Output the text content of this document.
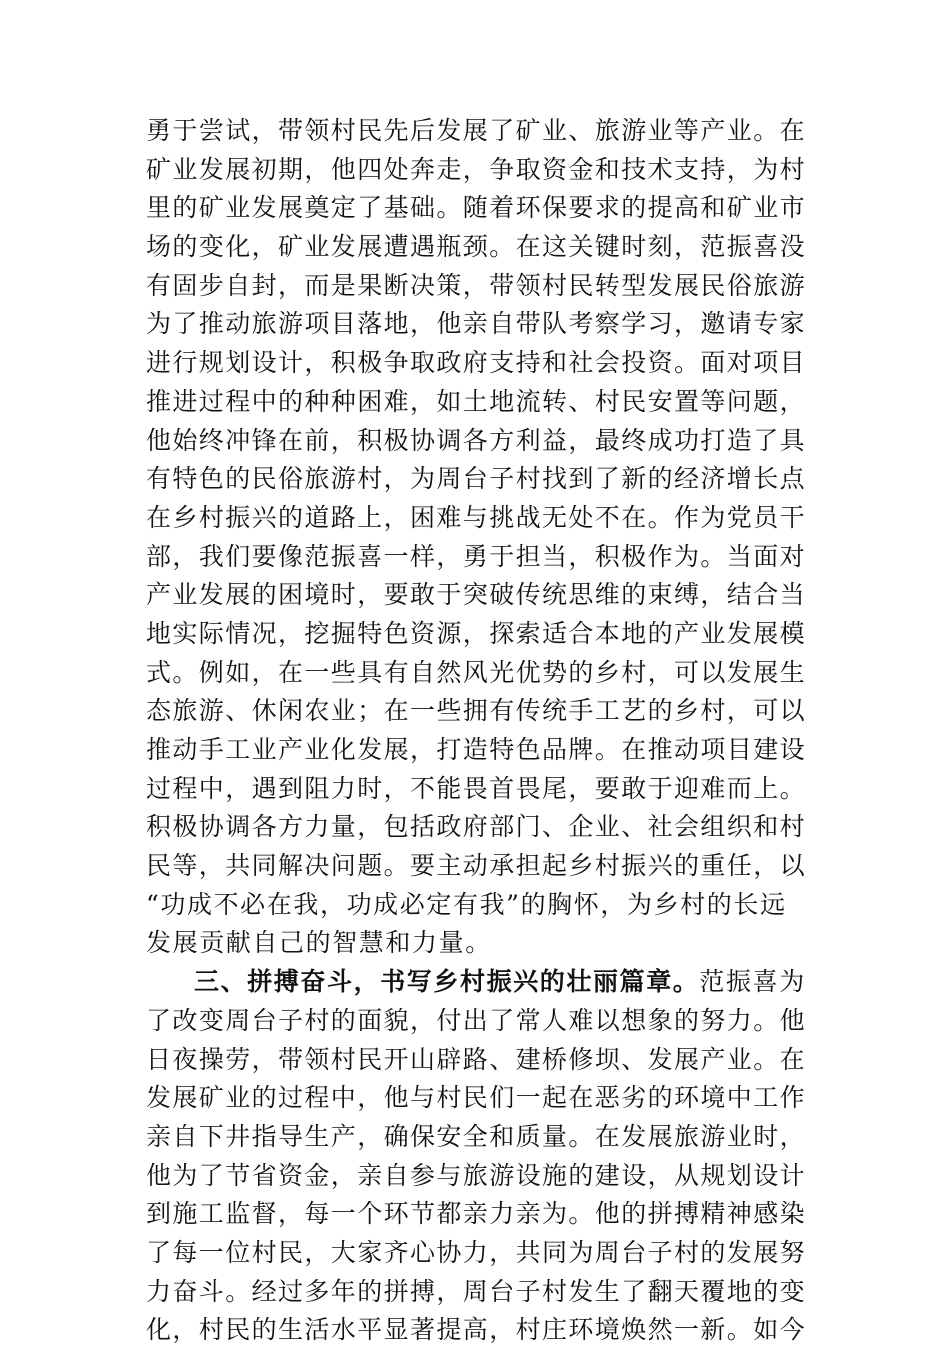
勇于尝试，带领村民先后发展了矿业、旅游业等产业。在
矿业发展初期，他四处奔走，争取资金和技术支持，为村
里的矿业发展奠定了基础。随着环保要求的提高和矿业市
场的变化，矿业发展遭遇瓶颈。在这关键时刻，范振喜没
有固步自封，而是果断决策，带领村民转型发展民俗旅游
为了推动旅游项目落地，他亲自带队考察学习，邀请专家
进行规划设计，积极争取政府支持和社会投资。面对项目
推进过程中的种种困难，如土地流转、村民安置等问题，
他始终冲锋在前，积极协调各方利益，最终成功打造了具
有特色的民俗旅游村，为周台子村找到了新的经济增长点
在乡村振兴的道路上，困难与挑战无处不在。作为党员干
部，我们要像范振喜一样，勇于担当，积极作为。当面对
产业发展的困境时，要敢于突破传统思维的束缚，结合当
地实际情况，挖掘特色资源，探索适合本地的产业发展模
式。例如，在一些具有自然风光优势的乡村，可以发展生
态旅游、休闲农业；在一些拥有传统手工艺的乡村，可以
推动手工业产业化发展，打造特色品牌。在推动项目建设
过程中，遇到阻力时，不能畏首畏尾，要敢于迎难而上。
积极协调各方力量，包括政府部门、企业、社会组织和村
民等，共同解决问题。要主动承担起乡村振兴的重任，以
“功成不必在我，功成必定有我”的胸怀，为乡村的长远
发展贡献自己的智慧和力量。
三、拼搏奋斗，书写乡村振兴的壮丽篇章。范振喜为
了改变周台子村的面貌，付出了常人难以想象的努力。他
日夜操劳，带领村民开山辟路、建桥修坝、发展产业。在
发展矿业的过程中，他与村民们一起在恶劣的环境中工作
亲自下井指导生产，确保安全和质量。在发展旅游业时，
他为了节省资金，亲自参与旅游设施的建设，从规划设计
到施工监督，每一个环节都亲力亲为。他的拼搏精神感染
了每一位村民，大家齐心协力，共同为周台子村的发展努
力奋斗。经过多年的拼搏，周台子村发生了翻天覆地的变
化，村民的生活水平显著提高，村庄环境焕然一新。如今
